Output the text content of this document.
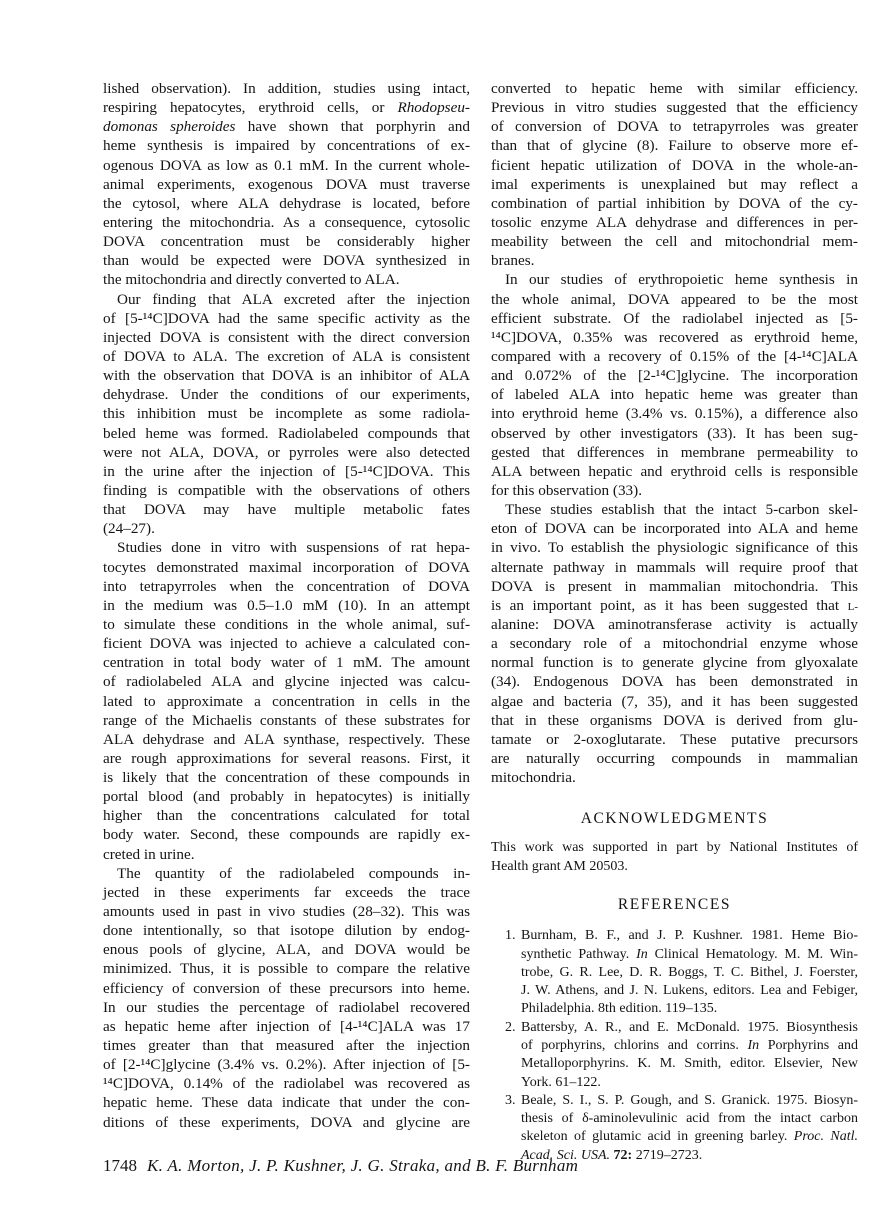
lished observation). In addition, studies using intact,
respiring hepatocytes, erythroid cells, or Rhodopseu-
domonas spheroides have shown that porphyrin and
heme synthesis is impaired by concentrations of ex-
ogenous DOVA as low as 0.1 mM. In the current whole-
animal experiments, exogenous DOVA must traverse
the cytosol, where ALA dehydrase is located, before
entering the mitochondria. As a consequence, cytosolic
DOVA concentration must be considerably higher
than would be expected were DOVA synthesized in
the mitochondria and directly converted to ALA.
Our finding that ALA excreted after the injection
of [5-¹⁴C]DOVA had the same specific activity as the
injected DOVA is consistent with the direct conversion
of DOVA to ALA. The excretion of ALA is consistent
with the observation that DOVA is an inhibitor of ALA
dehydrase. Under the conditions of our experiments,
this inhibition must be incomplete as some radiola-
beled heme was formed. Radiolabeled compounds that
were not ALA, DOVA, or pyrroles were also detected
in the urine after the injection of [5-¹⁴C]DOVA. This
finding is compatible with the observations of others
that DOVA may have multiple metabolic fates
(24–27).
Studies done in vitro with suspensions of rat hepa-
tocytes demonstrated maximal incorporation of DOVA
into tetrapyrroles when the concentration of DOVA
in the medium was 0.5–1.0 mM (10). In an attempt
to simulate these conditions in the whole animal, suf-
ficient DOVA was injected to achieve a calculated con-
centration in total body water of 1 mM. The amount
of radiolabeled ALA and glycine injected was calcu-
lated to approximate a concentration in cells in the
range of the Michaelis constants of these substrates for
ALA dehydrase and ALA synthase, respectively. These
are rough approximations for several reasons. First, it
is likely that the concentration of these compounds in
portal blood (and probably in hepatocytes) is initially
higher than the concentrations calculated for total
body water. Second, these compounds are rapidly ex-
creted in urine.
The quantity of the radiolabeled compounds in-
jected in these experiments far exceeds the trace
amounts used in past in vivo studies (28–32). This was
done intentionally, so that isotope dilution by endog-
enous pools of glycine, ALA, and DOVA would be
minimized. Thus, it is possible to compare the relative
efficiency of conversion of these precursors into heme.
In our studies the percentage of radiolabel recovered
as hepatic heme after injection of [4-¹⁴C]ALA was 17
times greater than that measured after the injection
of [2-¹⁴C]glycine (3.4% vs. 0.2%). After injection of [5-
¹⁴C]DOVA, 0.14% of the radiolabel was recovered as
hepatic heme. These data indicate that under the con-
ditions of these experiments, DOVA and glycine are
converted to hepatic heme with similar efficiency.
Previous in vitro studies suggested that the efficiency
of conversion of DOVA to tetrapyrroles was greater
than that of glycine (8). Failure to observe more ef-
ficient hepatic utilization of DOVA in the whole-an-
imal experiments is unexplained but may reflect a
combination of partial inhibition by DOVA of the cy-
tosolic enzyme ALA dehydrase and differences in per-
meability between the cell and mitochondrial mem-
branes.
In our studies of erythropoietic heme synthesis in
the whole animal, DOVA appeared to be the most
efficient substrate. Of the radiolabel injected as [5-
¹⁴C]DOVA, 0.35% was recovered as erythroid heme,
compared with a recovery of 0.15% of the [4-¹⁴C]ALA
and 0.072% of the [2-¹⁴C]glycine. The incorporation
of labeled ALA into hepatic heme was greater than
into erythroid heme (3.4% vs. 0.15%), a difference also
observed by other investigators (33). It has been sug-
gested that differences in membrane permeability to
ALA between hepatic and erythroid cells is responsible
for this observation (33).
These studies establish that the intact 5-carbon skel-
eton of DOVA can be incorporated into ALA and heme
in vivo. To establish the physiologic significance of this
alternate pathway in mammals will require proof that
DOVA is present in mammalian mitochondria. This
is an important point, as it has been suggested that L-
alanine: DOVA aminotransferase activity is actually
a secondary role of a mitochondrial enzyme whose
normal function is to generate glycine from glyoxalate
(34). Endogenous DOVA has been demonstrated in
algae and bacteria (7, 35), and it has been suggested
that in these organisms DOVA is derived from glu-
tamate or 2-oxoglutarate. These putative precursors
are naturally occurring compounds in mammalian
mitochondria.
ACKNOWLEDGMENTS
This work was supported in part by National Institutes of
Health grant AM 20503.
REFERENCES
1. Burnham, B. F., and J. P. Kushner. 1981. Heme Bio-
synthetic Pathway. In Clinical Hematology. M. M. Win-
trobe, G. R. Lee, D. R. Boggs, T. C. Bithel, J. Foerster,
J. W. Athens, and J. N. Lukens, editors. Lea and Febiger,
Philadelphia. 8th edition. 119–135.
2. Battersby, A. R., and E. McDonald. 1975. Biosynthesis
of porphyrins, chlorins and corrins. In Porphyrins and
Metalloporphyrins. K. M. Smith, editor. Elsevier, New
York. 61–122.
3. Beale, S. I., S. P. Gough, and S. Granick. 1975. Biosyn-
thesis of δ-aminolevulinic acid from the intact carbon
skeleton of glutamic acid in greening barley. Proc. Natl.
Acad. Sci. USA. 72: 2719–2723.
1748 K. A. Morton, J. P. Kushner, J. G. Straka, and B. F. Burnham
